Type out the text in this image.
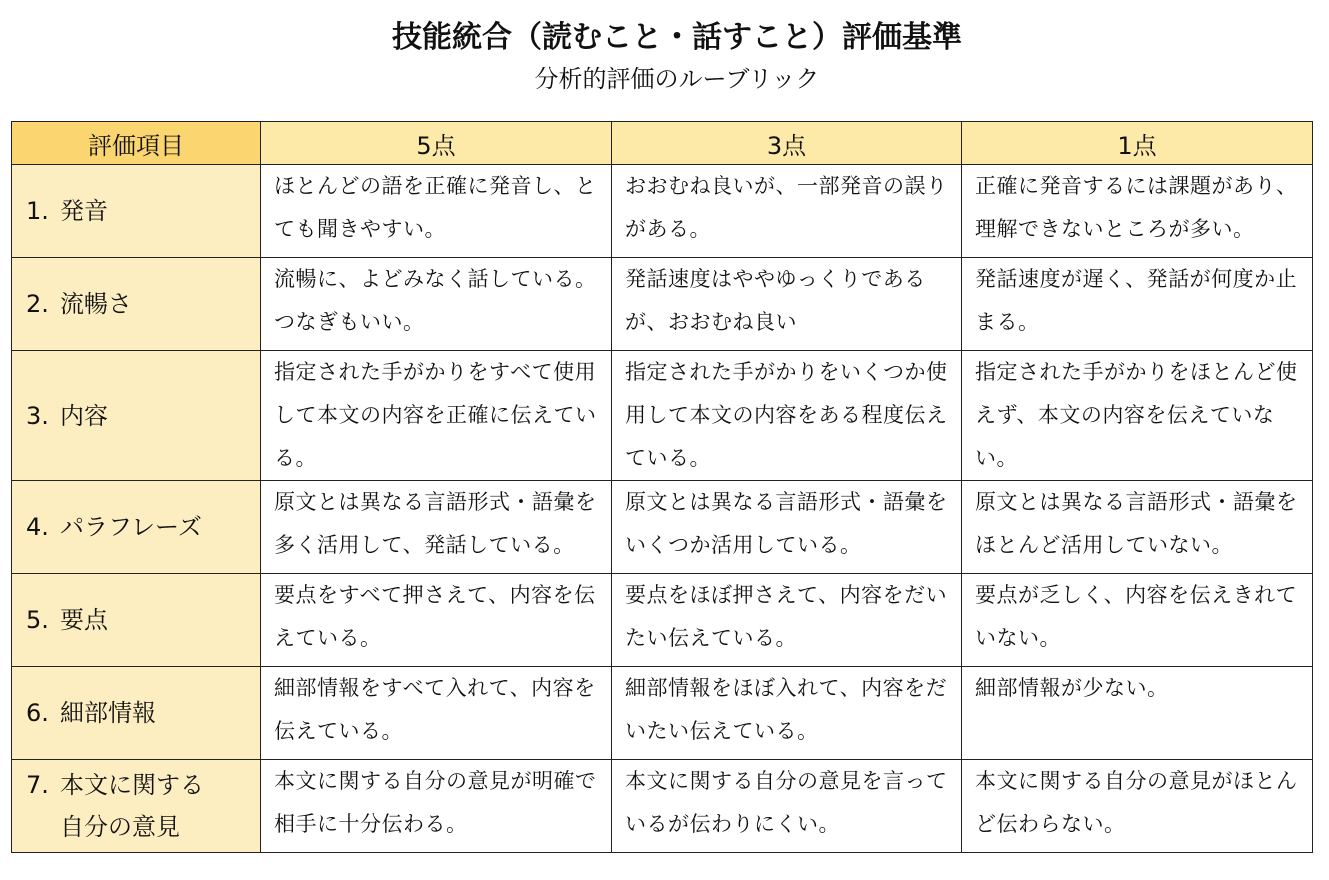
技能統合（読むこと・話すこと）評価基準
分析的評価のルーブリック
評価項目	5点	3点	1点
1. 発音	ほとんどの語を正確に発音し、とても聞きやすい。	おおむね良いが、一部発音の誤りがある。	正確に発音するには課題があり、理解できないところが多い。
2. 流暢さ	流暢に、よどみなく話している。つなぎもいい。	発話速度はややゆっくりであるが、おおむね良い	発話速度が遅く、発話が何度か止まる。
3. 内容	指定された手がかりをすべて使用して本文の内容を正確に伝えている。	指定された手がかりをいくつか使用して本文の内容をある程度伝えている。	指定された手がかりをほとんど使えず、本文の内容を伝えていない。
4. パラフレーズ	原文とは異なる言語形式・語彙を多く活用して、発話している。	原文とは異なる言語形式・語彙をいくつか活用している。	原文とは異なる言語形式・語彙をほとんど活用していない。
5. 要点	要点をすべて押さえて、内容を伝えている。	要点をほぼ押さえて、内容をだいたい伝えている。	要点が乏しく、内容を伝えきれていない。
6. 細部情報	細部情報をすべて入れて、内容を伝えている。	細部情報をほぼ入れて、内容をだいたい伝えている。	細部情報が少ない。
7. 本文に関する
自分の意見	本文に関する自分の意見が明確で相手に十分伝わる。	本文に関する自分の意見を言っているが伝わりにくい。	本文に関する自分の意見がほとんど伝わらない。
